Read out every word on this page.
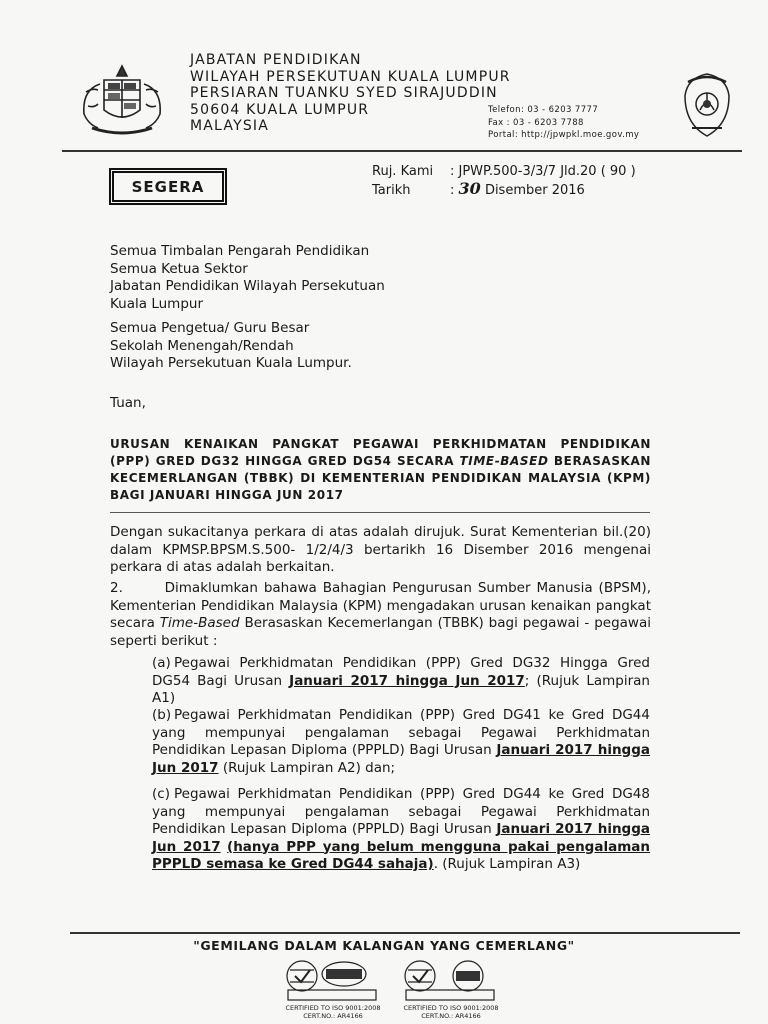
JABATAN PENDIDIKAN
WILAYAH PERSEKUTUAN KUALA LUMPUR
PERSIARAN TUANKU SYED SIRAJUDDIN
50604 KUALA LUMPUR
MALAYSIA
Telefon: 03 - 6203 7777
Fax : 03 - 6203 7788
Portal: http://jpwpkl.moe.gov.my
SEGERA
Ruj. Kami : JPWP.500-3/3/7 Jld.20 ( 90 )
Tarikh	: 30 Disember 2016
Semua Timbalan Pengarah Pendidikan
Semua Ketua Sektor
Jabatan Pendidikan Wilayah Persekutuan
Kuala Lumpur
Semua Pengetua/ Guru Besar
Sekolah Menengah/Rendah
Wilayah Persekutuan Kuala Lumpur.
Tuan,
URUSAN KENAIKAN PANGKAT PEGAWAI PERKHIDMATAN PENDIDIKAN (PPP) GRED DG32 HINGGA GRED DG54 SECARA TIME-BASED BERASASKAN KECEMERLANGAN (TBBK) DI KEMENTERIAN PENDIDIKAN MALAYSIA (KPM) BAGI JANUARI HINGGA JUN 2017
Dengan sukacitanya perkara di atas adalah dirujuk. Surat Kementerian bil.(20) dalam KPMSP.BPSM.S.500- 1/2/4/3 bertarikh 16 Disember 2016 mengenai perkara di atas adalah berkaitan.
2.	Dimaklumkan bahawa Bahagian Pengurusan Sumber Manusia (BPSM), Kementerian Pendidikan Malaysia (KPM) mengadakan urusan kenaikan pangkat secara Time-Based Berasaskan Kecemerlangan (TBBK) bagi pegawai - pegawai seperti berikut :
(a) Pegawai Perkhidmatan Pendidikan (PPP) Gred DG32 Hingga Gred DG54 Bagi Urusan Januari 2017 hingga Jun 2017; (Rujuk Lampiran A1)
(b) Pegawai Perkhidmatan Pendidikan (PPP) Gred DG41 ke Gred DG44 yang mempunyai pengalaman sebagai Pegawai Perkhidmatan Pendidikan Lepasan Diploma (PPPLD) Bagi Urusan Januari 2017 hingga Jun 2017 (Rujuk Lampiran A2) dan;
(c) Pegawai Perkhidmatan Pendidikan (PPP) Gred DG44 ke Gred DG48 yang mempunyai pengalaman sebagai Pegawai Perkhidmatan Pendidikan Lepasan Diploma (PPPLD) Bagi Urusan Januari 2017 hingga Jun 2017 (hanya PPP yang belum mengguna pakai pengalaman PPPLD semasa ke Gred DG44 sahaja). (Rujuk Lampiran A3)
"GEMILANG DALAM KALANGAN YANG CEMERLANG"
CERTIFIED TO ISO 9001:2008
CERT.NO.: AR4166
CERTIFIED TO ISO 9001:2008
CERT.NO.: AR4166
